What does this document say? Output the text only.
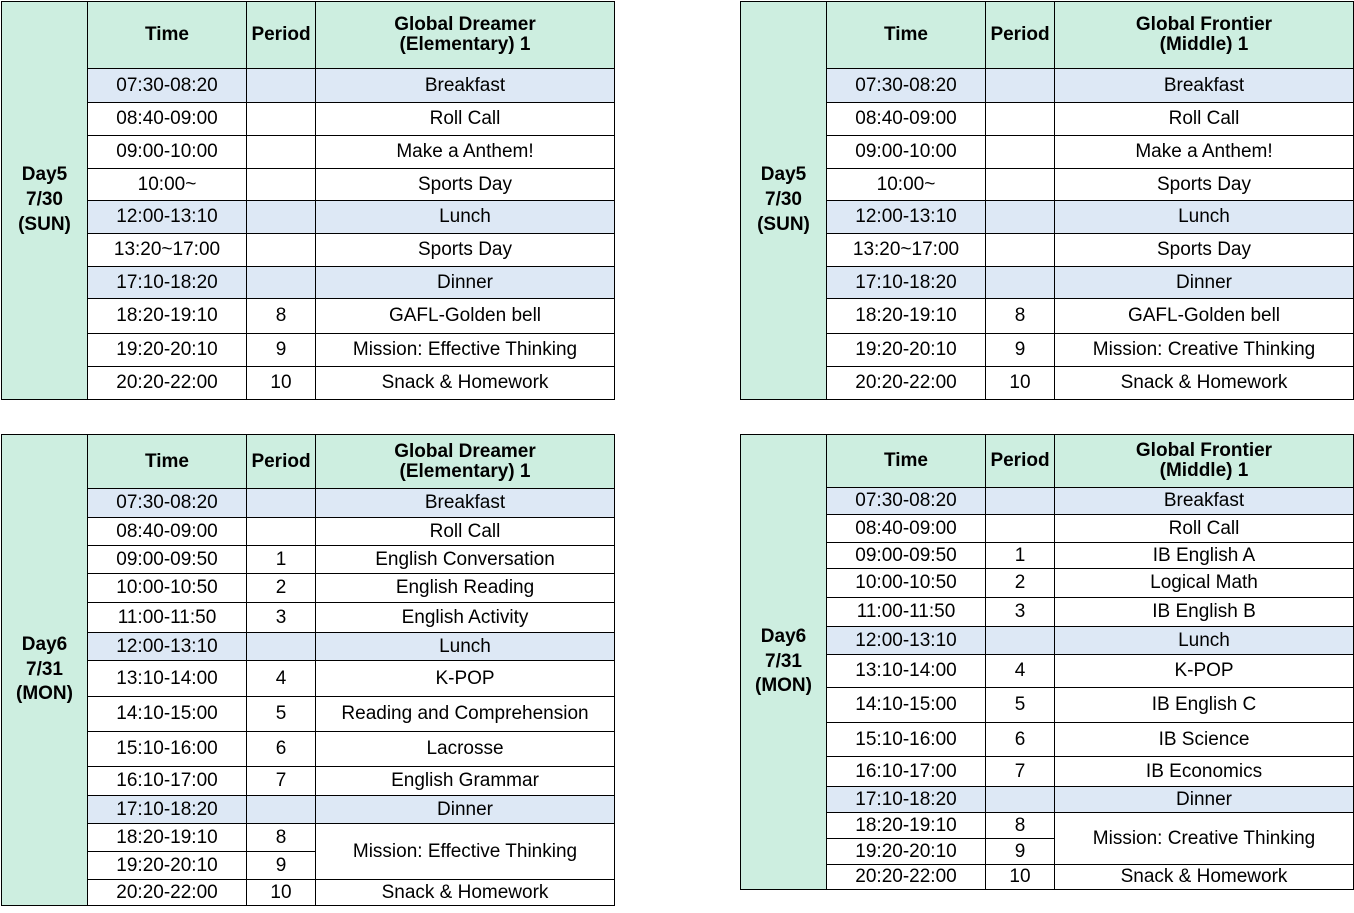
Day5
7/30
(SUN)	Time	Period	Global Dreamer
(Elementary) 1

	07:30-08:20		Breakfast
	08:40-09:00		Roll Call
	09:00-10:00		Make a Anthem!
	10:00~		Sports Day
	12:00-13:10		Lunch
	13:20~17:00		Sports Day
	17:10-18:20		Dinner
	18:20-19:10	8	GAFL-Golden bell
	19:20-20:10	9	Mission: Effective Thinking
	20:20-22:00	10	Snack & Homework
Day5
7/30
(SUN)	Time	Period	Global Frontier
(Middle) 1

	07:30-08:20		Breakfast
	08:40-09:00		Roll Call
	09:00-10:00		Make a Anthem!
	10:00~		Sports Day
	12:00-13:10		Lunch
	13:20~17:00		Sports Day
	17:10-18:20		Dinner
	18:20-19:10	8	GAFL-Golden bell
	19:20-20:10	9	Mission: Creative Thinking
	20:20-22:00	10	Snack & Homework
Day6
7/31
(MON)	Time	Period	Global Dreamer
(Elementary) 1

	07:30-08:20		Breakfast
	08:40-09:00		Roll Call
	09:00-09:50	1	English Conversation
	10:00-10:50	2	English Reading
	11:00-11:50	3	English Activity
	12:00-13:10		Lunch
	13:10-14:00	4	K-POP
	14:10-15:00	5	Reading and Comprehension
	15:10-16:00	6	Lacrosse
	16:10-17:00	7	English Grammar
	17:10-18:20		Dinner
	18:20-19:10	8	Mission: Effective Thinking
	19:20-20:10	9	
	20:20-22:00	10	Snack & Homework
Day6
7/31
(MON)	Time	Period	Global Frontier
(Middle) 1

	07:30-08:20		Breakfast
	08:40-09:00		Roll Call
	09:00-09:50	1	IB English A
	10:00-10:50	2	Logical Math
	11:00-11:50	3	IB English B
	12:00-13:10		Lunch
	13:10-14:00	4	K-POP
	14:10-15:00	5	IB English C
	15:10-16:00	6	IB Science
	16:10-17:00	7	IB Economics
	17:10-18:20		Dinner
	18:20-19:10	8	Mission: Creative Thinking
	19:20-20:10	9	
	20:20-22:00	10	Snack & Homework
